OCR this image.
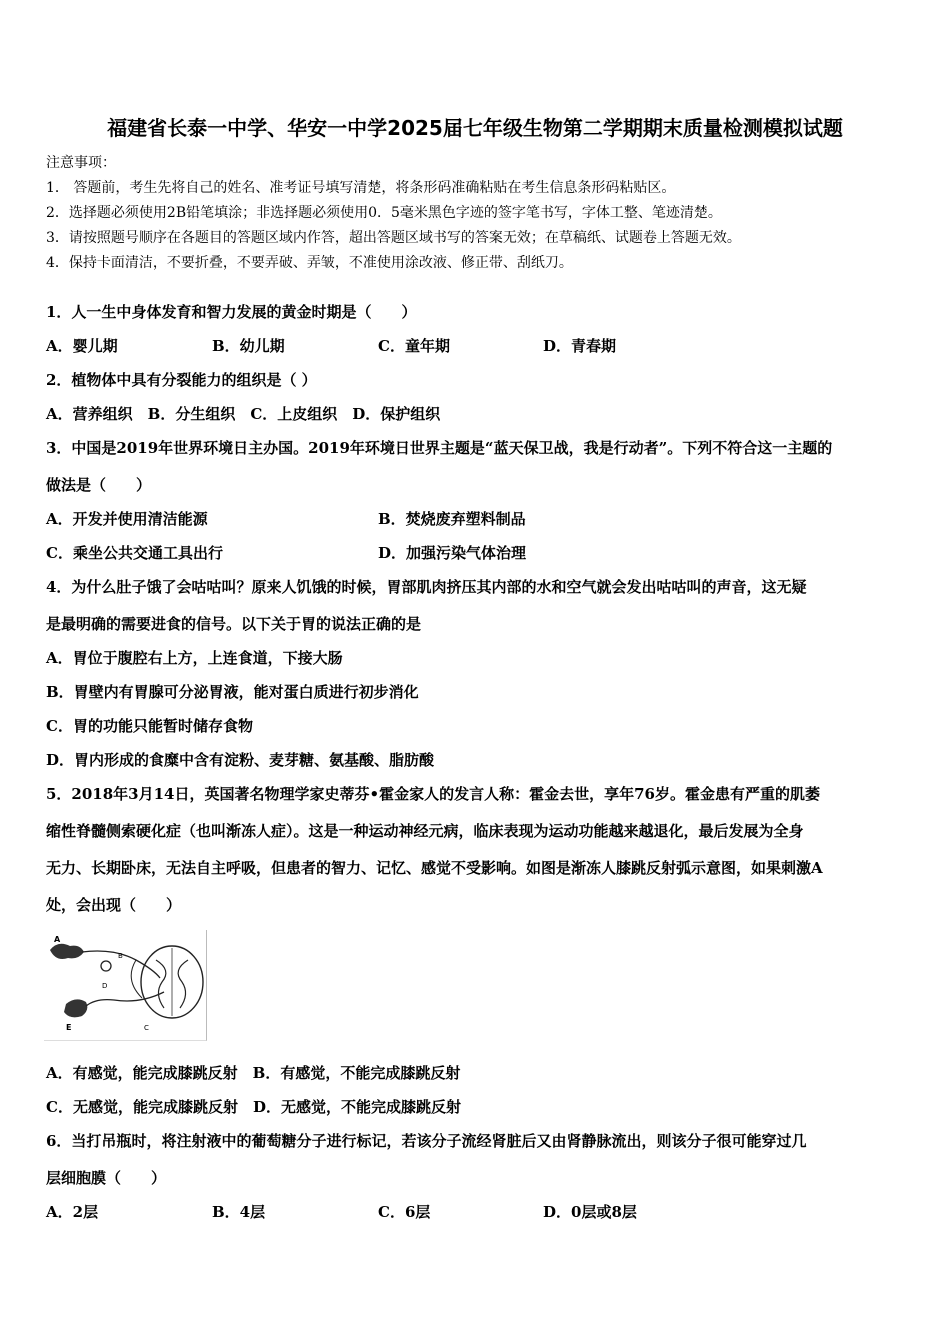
福建省长泰一中学、华安一中学2025届七年级生物第二学期期末质量检测模拟试题
注意事项：
1． 答题前，考生先将自己的姓名、准考证号填写清楚，将条形码准确粘贴在考生信息条形码粘贴区。
2．选择题必须使用2B铅笔填涂；非选择题必须使用0．5毫米黑色字迹的签字笔书写，字体工整、笔迹清楚。
3．请按照题号顺序在各题目的答题区域内作答，超出答题区域书写的答案无效；在草稿纸、试题卷上答题无效。
4．保持卡面清洁，不要折叠，不要弄破、弄皱，不准使用涂改液、修正带、刮纸刀。
1．人一生中身体发育和智力发展的黄金时期是（　　）
A．婴儿期	B．幼儿期	C．童年期	D．青春期
2．植物体中具有分裂能力的组织是（ ）
A．营养组织　B．分生组织　C．上皮组织　D．保护组织
3．中国是2019年世界环境日主办国。2019年环境日世界主题是“蓝天保卫战，我是行动者”。下列不符合这一主题的
做法是（　　）
A．开发并使用清洁能源	B．焚烧废弃塑料制品
C．乘坐公共交通工具出行	D．加强污染气体治理
4．为什么肚子饿了会咕咕叫？原来人饥饿的时候，胃部肌肉挤压其内部的水和空气就会发出咕咕叫的声音，这无疑
是最明确的需要进食的信号。以下关于胃的说法正确的是
A．胃位于腹腔右上方，上连食道，下接大肠
B．胃壁内有胃腺可分泌胃液，能对蛋白质进行初步消化
C．胃的功能只能暂时储存食物
D．胃内形成的食糜中含有淀粉、麦芽糖、氨基酸、脂肪酸
5．2018年3月14日，英国著名物理学家史蒂芬•霍金家人的发言人称：霍金去世，享年76岁。霍金患有严重的肌萎
缩性脊髓侧索硬化症（也叫渐冻人症）。这是一种运动神经元病，临床表现为运动功能越来越退化，最后发展为全身
无力、长期卧床，无法自主呼吸，但患者的智力、记忆、感觉不受影响。如图是渐冻人膝跳反射弧示意图，如果刺激A
处，会出现（　　）
A
B
C
D
E
A．有感觉，能完成膝跳反射　B．有感觉，不能完成膝跳反射
C．无感觉，能完成膝跳反射　D．无感觉，不能完成膝跳反射
6．当打吊瓶时，将注射液中的葡萄糖分子进行标记，若该分子流经肾脏后又由肾静脉流出，则该分子很可能穿过几
层细胞膜（　　）
A．2层	B．4层	C．6层	D．0层或8层
